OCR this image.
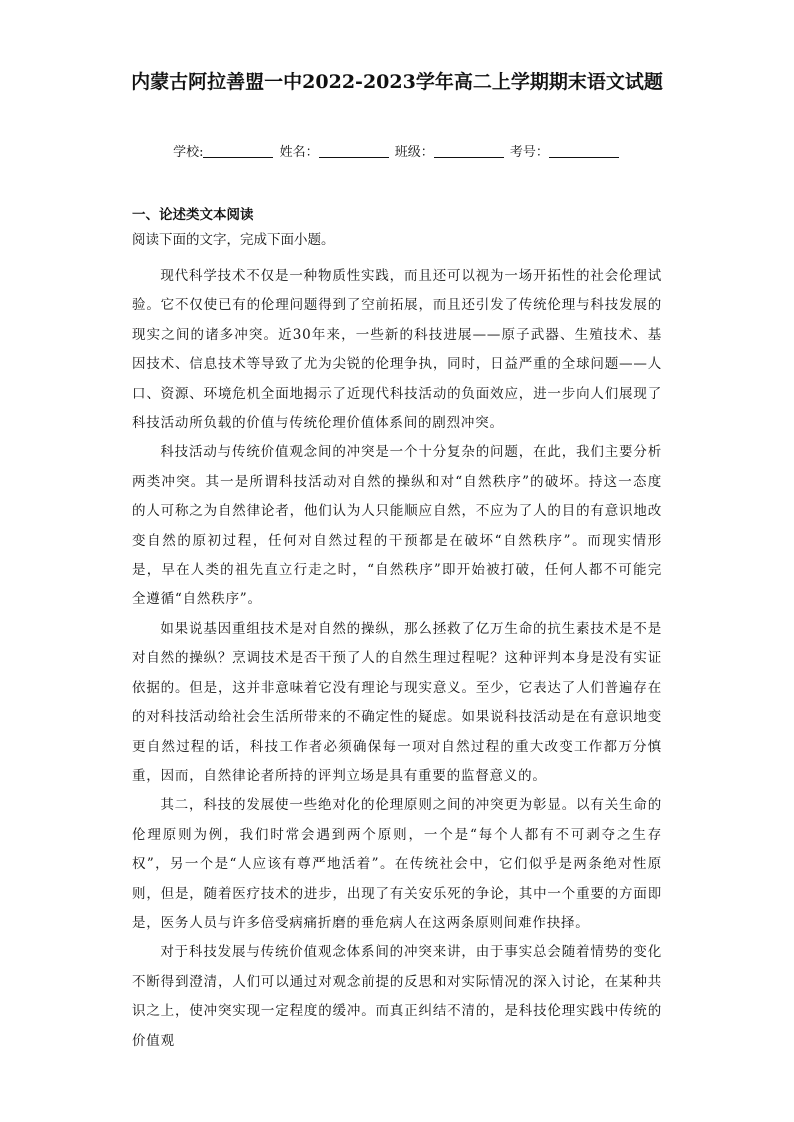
内蒙古阿拉善盟一中2022-2023学年高二上学期期末语文试题
学校:	姓名：	班级：	考号：
一、论述类文本阅读

阅读下面的文字，完成下面小题。

现代科学技术不仅是一种物质性实践，而且还可以视为一场开拓性的社会伦理试验。它不仅使已有的伦理问题得到了空前拓展，而且还引发了传统伦理与科技发展的现实之间的诸多冲突。近30年来，一些新的科技进展——原子武器、生殖技术、基因技术、信息技术等导致了尤为尖锐的伦理争执，同时，日益严重的全球问题——人口、资源、环境危机全面地揭示了近现代科技活动的负面效应，进一步向人们展现了科技活动所负载的价值与传统伦理价值体系间的剧烈冲突。

科技活动与传统价值观念间的冲突是一个十分复杂的问题，在此，我们主要分析两类冲突。其一是所谓科技活动对自然的操纵和对“自然秩序”的破坏。持这一态度的人可称之为自然律论者，他们认为人只能顺应自然，不应为了人的目的有意识地改变自然的原初过程，任何对自然过程的干预都是在破坏“自然秩序”。而现实情形是，早在人类的祖先直立行走之时，“自然秩序”即开始被打破，任何人都不可能完全遵循“自然秩序”。

如果说基因重组技术是对自然的操纵，那么拯救了亿万生命的抗生素技术是不是对自然的操纵？烹调技术是否干预了人的自然生理过程呢？这种评判本身是没有实证依据的。但是，这并非意味着它没有理论与现实意义。至少，它表达了人们普遍存在的对科技活动给社会生活所带来的不确定性的疑虑。如果说科技活动是在有意识地变更自然过程的话，科技工作者必须确保每一项对自然过程的重大改变工作都万分慎重，因而，自然律论者所持的评判立场是具有重要的监督意义的。

其二，科技的发展使一些绝对化的伦理原则之间的冲突更为彰显。以有关生命的伦理原则为例，我们时常会遇到两个原则，一个是“每个人都有不可剥夺之生存权”，另一个是“人应该有尊严地活着”。在传统社会中，它们似乎是两条绝对性原则，但是，随着医疗技术的进步，出现了有关安乐死的争论，其中一个重要的方面即是，医务人员与许多倍受病痛折磨的垂危病人在这两条原则间难作抉择。

对于科技发展与传统价值观念体系间的冲突来讲，由于事实总会随着情势的变化不断得到澄清，人们可以通过对观念前提的反思和对实际情况的深入讨论，在某种共识之上，使冲突实现一定程度的缓冲。而真正纠结不清的，是科技伦理实践中传统的价值观
